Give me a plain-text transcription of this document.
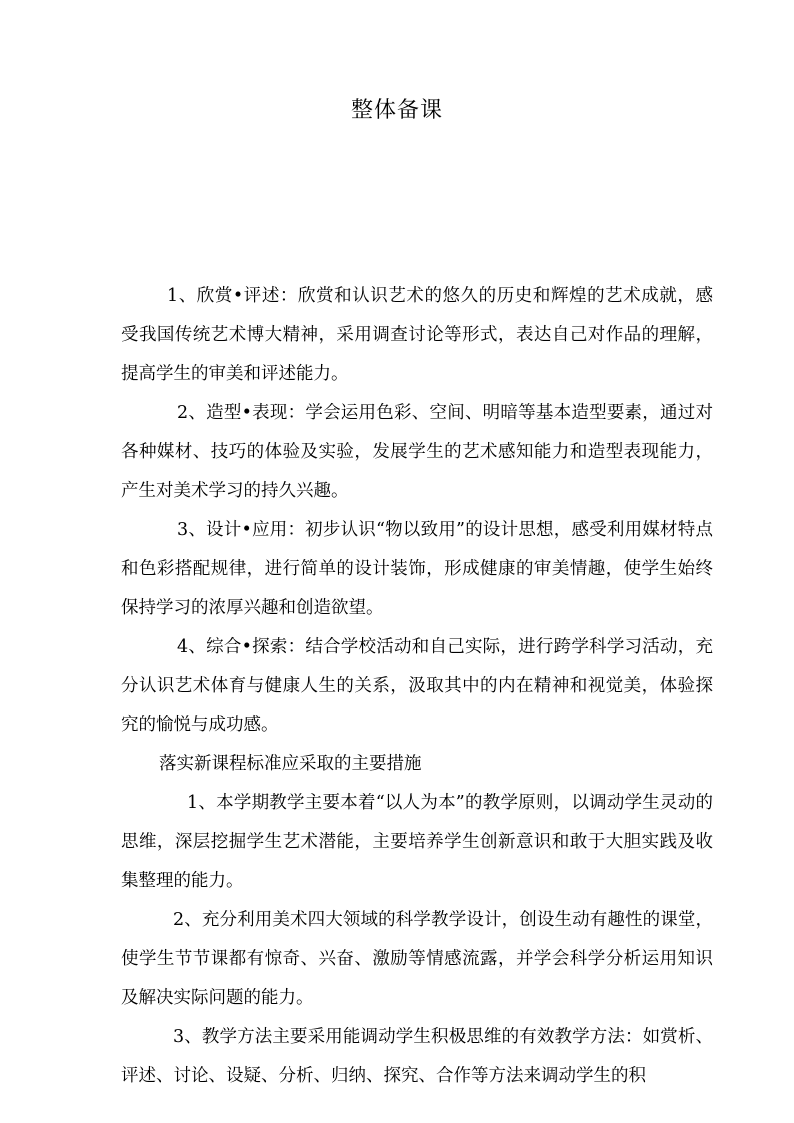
整体备课

1、欣赏•评述：欣赏和认识艺术的悠久的历史和辉煌的艺术成就，感受我国传统艺术博大精神，采用调查讨论等形式，表达自己对作品的理解，提高学生的审美和评述能力。

2、造型•表现：学会运用色彩、空间、明暗等基本造型要素，通过对各种媒材、技巧的体验及实验，发展学生的艺术感知能力和造型表现能力，产生对美术学习的持久兴趣。

3、设计•应用：初步认识“物以致用”的设计思想，感受利用媒材特点和色彩搭配规律，进行简单的设计装饰，形成健康的审美情趣，使学生始终保持学习的浓厚兴趣和创造欲望。

4、综合•探索：结合学校活动和自己实际，进行跨学科学习活动，充分认识艺术体育与健康人生的关系，汲取其中的内在精神和视觉美，体验探究的愉悦与成功感。

落实新课程标准应采取的主要措施

1、本学期教学主要本着“以人为本”的教学原则，以调动学生灵动的思维，深层挖掘学生艺术潜能，主要培养学生创新意识和敢于大胆实践及收集整理的能力。

2、充分利用美术四大领域的科学教学设计，创设生动有趣性的课堂，使学生节节课都有惊奇、兴奋、激励等情感流露，并学会科学分析运用知识及解决实际问题的能力。

3、教学方法主要采用能调动学生积极思维的有效教学方法：如赏析、评述、讨论、设疑、分析、归纳、探究、合作等方法来调动学生的积
